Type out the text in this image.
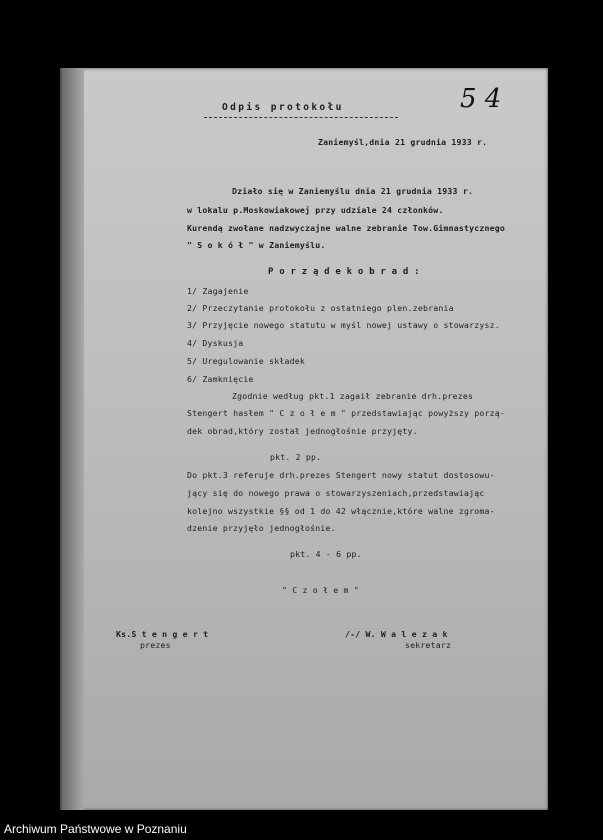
Odpis protokołu	5 4
Zaniemyśl,dnia 21 grudnia 1933 r.
Działo się w Zaniemyślu dnia 21 grudnia 1933 r.
w lokalu p.Moskowiakowej przy udziale 24 członków.
Kurendą zwołane nadzwyczajne walne zebranie Tow.Gimnastycznego
" S o k ó ł " w Zaniemyślu.
P o r z ą d e k o b r a d :
1/ Zagajenie
2/ Przeczytanie protokołu z ostatniego plen.zebrania
3/ Przyjęcie nowego statutu w myśl nowej ustawy o stowarzysz.
4/ Dyskusja
5/ Uregulowanie składek
6/ Zamknięcie
Zgodnie według pkt.1 zagaił zebranie drh.prezes
Stengert hasłem " C z o ł e m " przedstawiając powyższy porzą-
dek obrad,który został jednogłośnie przyjęty.
pkt. 2 pp.
Do pkt.3 referuje drh.prezes Stengert nowy statut dostosowu-
jący się do nowego prawa o stowarzyszeniach,przedstawiając
kolejno wszystkie §§ od 1 do 42 włącznie,które walne zgroma-
dzenie przyjęło jednogłośnie.
pkt. 4 - 6 pp.
" C z o ł e m "
Ks.S t e n g e r t
prezes
/-/ W. W a l e z a k
sekretarz
Archiwum Państwowe w Poznaniu
